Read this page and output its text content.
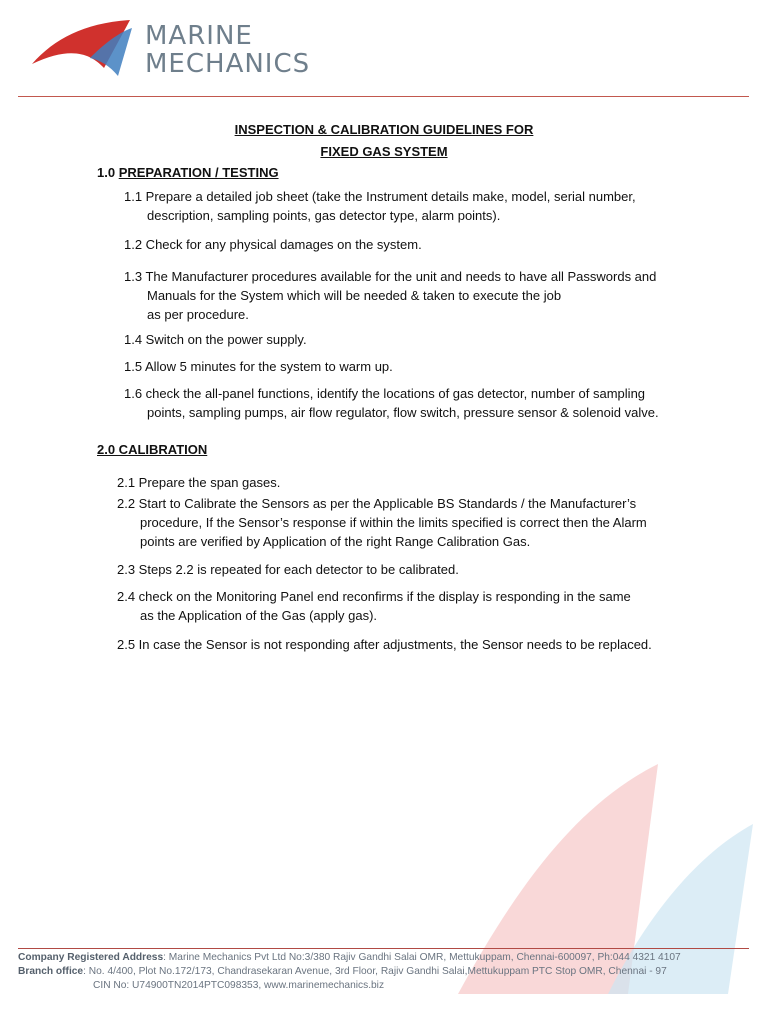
MARINE
MECHANICS
INSPECTION & CALIBRATION GUIDELINES FOR
FIXED GAS SYSTEM
1.0 PREPARATION / TESTING
1.1 Prepare a detailed job sheet (take the Instrument details make, model, serial number,
description, sampling points, gas detector type, alarm points).
1.2 Check for any physical damages on the system.
1.3 The Manufacturer procedures available for the unit and needs to have all Passwords and
Manuals for the System which will be needed & taken to execute the job
as per procedure.
1.4 Switch on the power supply.
1.5 Allow 5 minutes for the system to warm up.
1.6 check the all-panel functions, identify the locations of gas detector, number of sampling
points, sampling pumps, air flow regulator, flow switch, pressure sensor & solenoid valve.
2.0 CALIBRATION
2.1 Prepare the span gases.
2.2 Start to Calibrate the Sensors as per the Applicable BS Standards / the Manufacturer’s
procedure, If the Sensor’s response if within the limits specified is correct then the Alarm
points are verified by Application of the right Range Calibration Gas.
2.3 Steps 2.2 is repeated for each detector to be calibrated.
2.4 check on the Monitoring Panel end reconfirms if the display is responding in the same
as the Application of the Gas (apply gas).
2.5 In case the Sensor is not responding after adjustments, the Sensor needs to be replaced.
Company Registered Address: Marine Mechanics Pvt Ltd No:3/380 Rajiv Gandhi Salai OMR, Mettukuppam, Chennai-600097, Ph:044 4321 4107
Branch office: No. 4/400, Plot No.172/173, Chandrasekaran Avenue, 3rd Floor, Rajiv Gandhi Salai,Mettukuppam PTC Stop OMR, Chennai - 97
CIN No: U74900TN2014PTC098353, www.marinemechanics.biz
